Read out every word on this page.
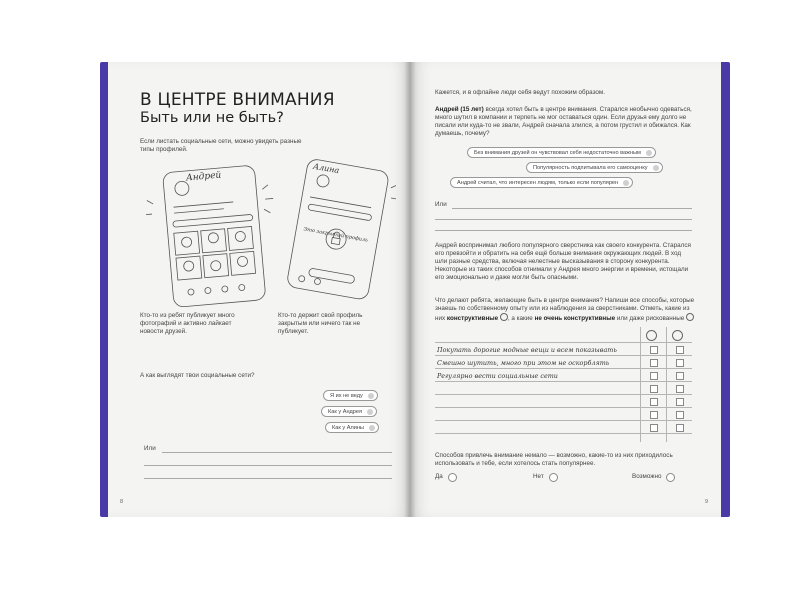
В ЦЕНТРЕ ВНИМАНИЯ
Быть или не быть?
Если листать социальные сети, можно увидеть разные типы профилей.
Андрей
Алина
Это закрытый профиль
Кто-то из ребят публикует много фотографий и активно лайкает новости друзей.
Кто-то держит свой профиль закрытым или ничего так не публикует.
А как выглядят твои социальные сети?
Я их не веду
Как у Андрея
Как у Алины
Или
8
Кажется, и в офлайне люди себя ведут похожим образом.
Андрей (15 лет) всегда хотел быть в центре внимания. Старался необычно одеваться, много шутил в компании и терпеть не мог оставаться один. Если друзья ему долго не писали или куда-то не звали, Андрей сначала злился, а потом грустил и обижался. Как думаешь, почему?
Без внимания друзей он чувствовал себя недостаточно важным
Популярность подпитывала его самооценку
Андрей считал, что интересен людям, только если популярен
Или
Андрей воспринимал любого популярного сверстника как своего конкурента. Старался его превзойти и обратить на себя ещё больше внимания окружающих людей. В ход шли разные средства, включая нелестные высказывания в сторону конкурента. Некоторые из таких способов отнимали у Андрея много энергии и времени, истощали его эмоционально и даже могли быть опасными.
Что делают ребята, желающие быть в центре внимания? Напиши все способы, которые знаешь по собственному опыту или из наблюдения за сверстниками. Отметь, какие из них конструктивные , а какие не очень конструктивные или даже рискованные
Покупать дорогие модные вещи и всем показывать
Смешно шутить, много при этом не оскорблять
Регулярно вести социальные сети
Способов привлечь внимание немало — возможно, какие-то из них приходилось использовать и тебе, если хотелось стать популярнее.
Да	Нет	Возможно
9
